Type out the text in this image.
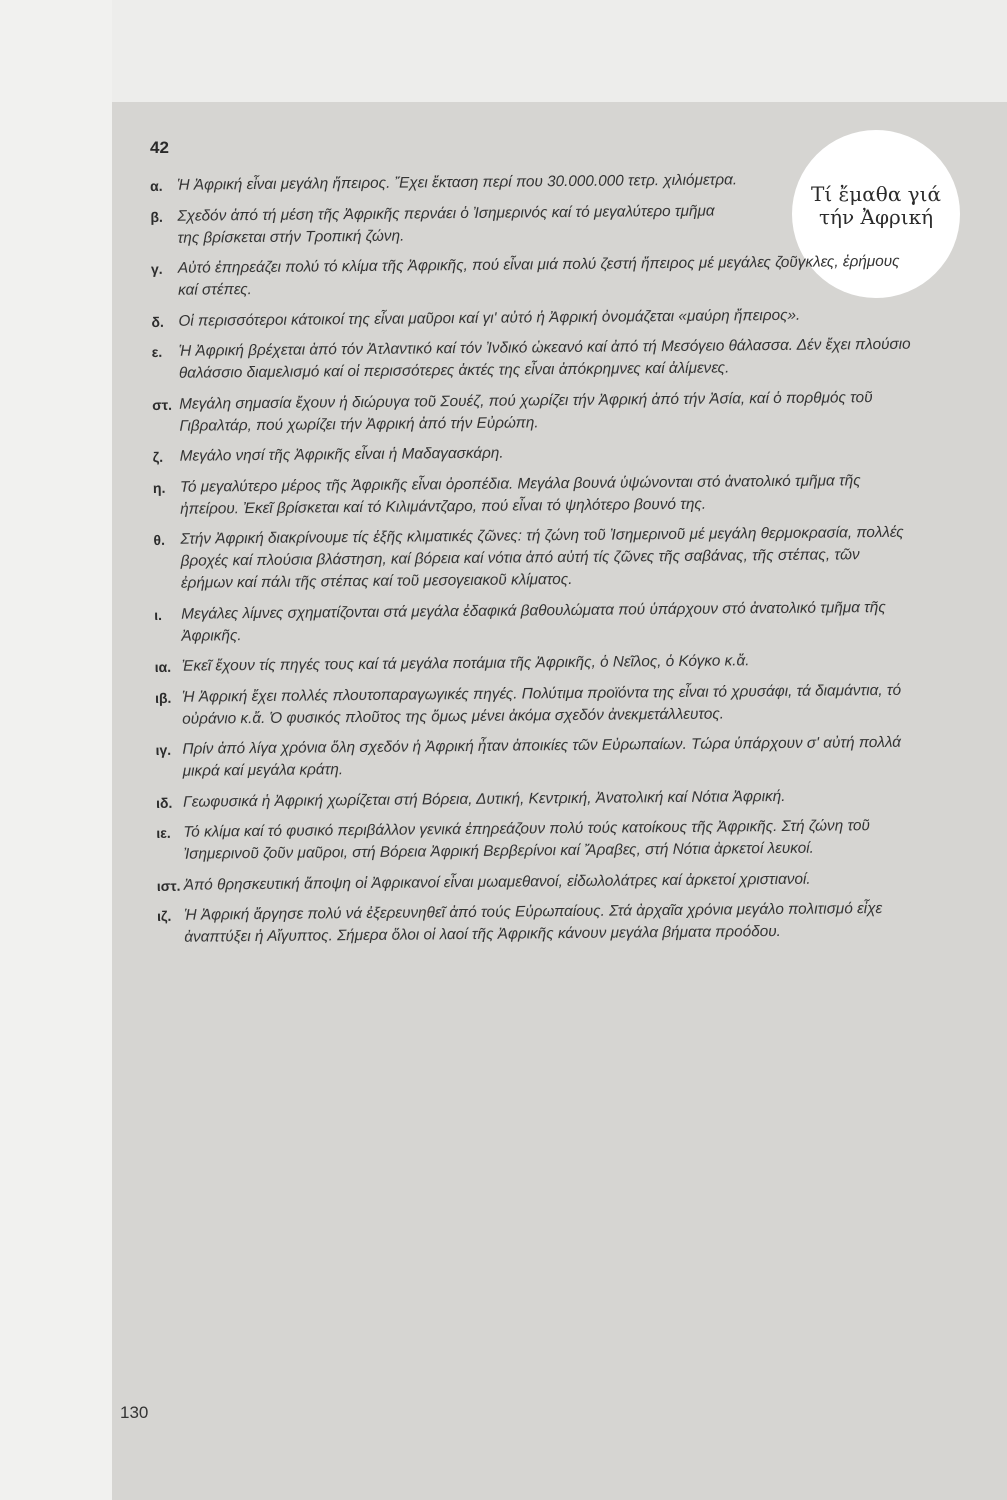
42
Τί ἔμαθα γιά τήν Ἀφρική
α. Ἡ Ἀφρική εἶναι μεγάλη ἤπειρος. Ἔχει ἔκταση περί που 30.000.000 τετρ. χιλιόμετρα.
β. Σχεδόν ἀπό τή μέση τῆς Ἀφρικῆς περνάει ὁ Ἰσημερινός καί τό μεγαλύτερο τμῆμα της βρίσκεται στήν Τροπική ζώνη.
γ. Αὐτό ἐπηρεάζει πολύ τό κλίμα τῆς Ἀφρικῆς, πού εἶναι μιά πολύ ζεστή ἤπειρος μέ μεγάλες ζοῦγκλες, ἐρήμους καί στέπες.
δ. Οἱ περισσότεροι κάτοικοί της εἶναι μαῦροι καί γι' αὐτό ἡ Ἀφρική ὀνομάζεται «μαύρη ἤπειρος».
ε.	Ἡ Ἀφρική βρέχεται ἀπό τόν Ἀτλαντικό καί τόν Ἰνδικό ὠκεανό καί ἀπό τή Μεσόγειο θάλασσα. Δέν ἔχει πλούσιο θαλάσσιο διαμελισμό καί οἱ περισσότερες ἀκτές της εἶναι ἀπόκρημνες καί ἀλίμενες.
στ. Μεγάλη σημασία ἔχουν ἡ διώρυγα τοῦ Σουέζ, πού χωρίζει τήν Ἀφρική ἀπό τήν Ἀσία, καί ὁ πορθμός τοῦ Γιβραλτάρ, πού χωρίζει τήν Ἀφρική ἀπό τήν Εὐρώπη.
ζ.	Μεγάλο νησί τῆς Ἀφρικῆς εἶναι ἡ Μαδαγασκάρη.
η. Τό μεγαλύτερο μέρος τῆς Ἀφρικῆς εἶναι ὀροπέδια. Μεγάλα βουνά ὑψώνονται στό ἀνατολικό τμῆμα τῆς ἠπείρου. Ἐκεῖ βρίσκεται καί τό Κιλιμάντζαρο, πού εἶναι τό ψηλότερο βουνό της.
θ.	Στήν Ἀφρική διακρίνουμε τίς ἑξῆς κλιματικές ζῶνες: τή ζώνη τοῦ Ἰσημερινοῦ μέ μεγάλη θερμοκρασία, πολλές βροχές καί πλούσια βλάστηση, καί βόρεια καί νότια ἀπό αὐτή τίς ζῶνες τῆς σαβάνας, τῆς στέπας, τῶν ἐρήμων καί πάλι τῆς στέπας καί τοῦ μεσογειακοῦ κλίματος.
ι.	Μεγάλες λίμνες σχηματίζονται στά μεγάλα ἐδαφικά βαθουλώματα πού ὑπάρχουν στό ἀνατολικό τμῆμα τῆς Ἀφρικῆς.
ια. Ἐκεῖ ἔχουν τίς πηγές τους καί τά μεγάλα ποτάμια τῆς Ἀφρικῆς, ὁ Νεῖλος, ὁ Κόγκο κ.ἄ.
ιβ. Ἡ Ἀφρική ἔχει πολλές πλουτοπαραγωγικές πηγές. Πολύτιμα προϊόντα της εἶναι τό χρυσάφι, τά διαμάντια, τό οὐράνιο κ.ἄ. Ὁ φυσικός πλοῦτος της ὅμως μένει ἀκόμα σχεδόν ἀνεκμετάλλευτος.
ιγ. Πρίν ἀπό λίγα χρόνια ὅλη σχεδόν ἡ Ἀφρική ἦταν ἀποικίες τῶν Εὐρωπαίων. Τώρα ὑπάρχουν σ' αὐτή πολλά μικρά καί μεγάλα κράτη.
ιδ. Γεωφυσικά ἡ Ἀφρική χωρίζεται στή Βόρεια, Δυτική, Κεντρική, Ἀνατολική καί Νότια Ἀφρική.
ιε. Τό κλίμα καί τό φυσικό περιβάλλον γενικά ἐπηρεάζουν πολύ τούς κατοίκους τῆς Ἀφρικῆς. Στή ζώνη τοῦ Ἰσημερινοῦ ζοῦν μαῦροι, στή Βόρεια Ἀφρική Βερβερίνοι καί Ἄραβες, στή Νότια ἀρκετοί λευκοί.
ιστ. Ἀπό θρησκευτική ἄποψη οἱ Ἀφρικανοί εἶναι μωαμεθανοί, εἰδωλολάτρες καί ἀρκετοί χριστιανοί.
ιζ. Ἡ Ἀφρική ἄργησε πολύ νά ἐξερευνηθεῖ ἀπό τούς Εὐρωπαίους. Στά ἀρχαῖα χρόνια μεγάλο πολιτισμό εἶχε ἀναπτύξει ἡ Αἴγυπτος. Σήμερα ὅλοι οἱ λαοί τῆς Ἀφρικῆς κάνουν μεγάλα βήματα προόδου.
130
